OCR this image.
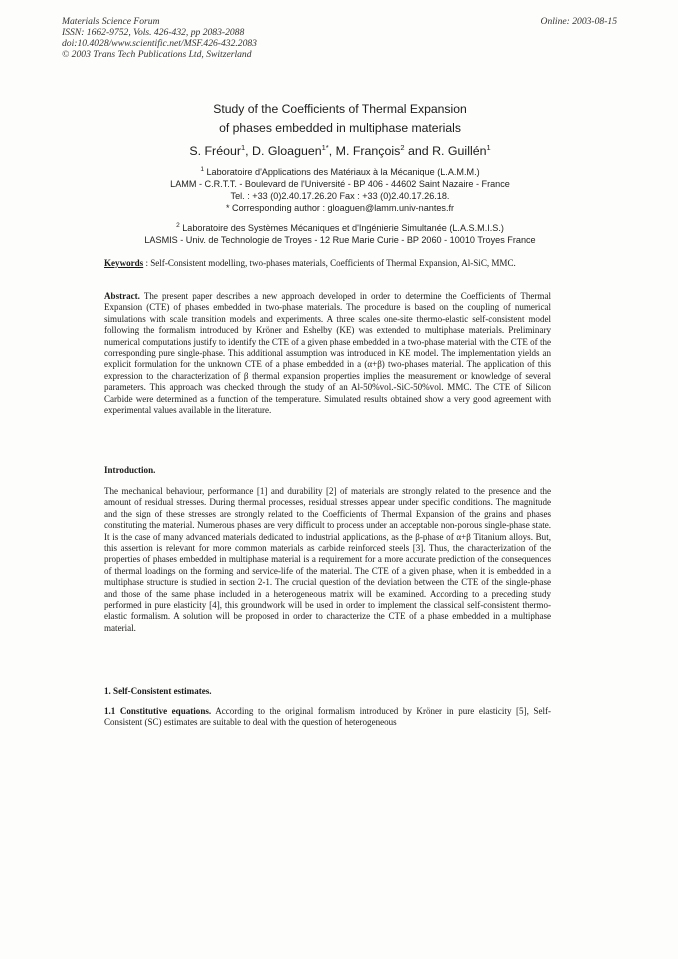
Materials Science Forum
ISSN: 1662-9752, Vols. 426-432, pp 2083-2088
doi:10.4028/www.scientific.net/MSF.426-432.2083
© 2003 Trans Tech Publications Ltd, Switzerland
Online: 2003-08-15
Study of the Coefficients of Thermal Expansion
of phases embedded in multiphase materials
S. Fréour$^1$, D. Gloaguen$^{1*}$, M. François$^2$ and R. Guillén$^1$
$^1$ Laboratoire d'Applications des Matériaux à la Mécanique (L.A.M.M.)
LAMM - C.R.T.T. - Boulevard de l'Université - BP 406 - 44602 Saint Nazaire - France
Tel. : +33 (0)2.40.17.26.20 Fax : +33 (0)2.40.17.26.18.
* Corresponding author : gloaguen@lamm.univ-nantes.fr
$^2$ Laboratoire des Systèmes Mécaniques et d'Ingénierie Simultanée (L.A.S.M.I.S.)
LASMIS - Univ. de Technologie de Troyes - 12 Rue Marie Curie - BP 2060 - 10010 Troyes France
Keywords : Self-Consistent modelling, two-phases materials, Coefficients of Thermal Expansion, Al-SiC, MMC.
Abstract. The present paper describes a new approach developed in order to determine the Coefficients of Thermal Expansion (CTE) of phases embedded in two-phase materials. The procedure is based on the coupling of numerical simulations with scale transition models and experiments. A three scales one-site thermo-elastic self-consistent model following the formalism introduced by Kröner and Eshelby (KE) was extended to multiphase materials. Preliminary numerical computations justify to identify the CTE of a given phase embedded in a two-phase material with the CTE of the corresponding pure single-phase. This additional assumption was introduced in KE model. The implementation yields an explicit formulation for the unknown CTE of a phase embedded in a (α+β) two-phases material. The application of this expression to the characterization of β thermal expansion properties implies the measurement or knowledge of several parameters. This approach was checked through the study of an Al-50%vol.-SiC-50%vol. MMC. The CTE of Silicon Carbide were determined as a function of the temperature. Simulated results obtained show a very good agreement with experimental values available in the literature.
Introduction.
The mechanical behaviour, performance [1] and durability [2] of materials are strongly related to the presence and the amount of residual stresses. During thermal processes, residual stresses appear under specific conditions. The magnitude and the sign of these stresses are strongly related to the Coefficients of Thermal Expansion of the grains and phases constituting the material. Numerous phases are very difficult to process under an acceptable non-porous single-phase state. It is the case of many advanced materials dedicated to industrial applications, as the β-phase of α+β Titanium alloys. But, this assertion is relevant for more common materials as carbide reinforced steels [3]. Thus, the characterization of the properties of phases embedded in multiphase material is a requirement for a more accurate prediction of the consequences of thermal loadings on the forming and service-life of the material. The CTE of a given phase, when it is embedded in a multiphase structure is studied in section 2-1. The crucial question of the deviation between the CTE of the single-phase and those of the same phase included in a heterogeneous matrix will be examined. According to a preceding study performed in pure elasticity [4], this groundwork will be used in order to implement the classical self-consistent thermo-elastic formalism. A solution will be proposed in order to characterize the CTE of a phase embedded in a multiphase material.
1. Self-Consistent estimates.
1.1 Constitutive equations. According to the original formalism introduced by Kröner in pure elasticity [5], Self-Consistent (SC) estimates are suitable to deal with the question of heterogeneous
